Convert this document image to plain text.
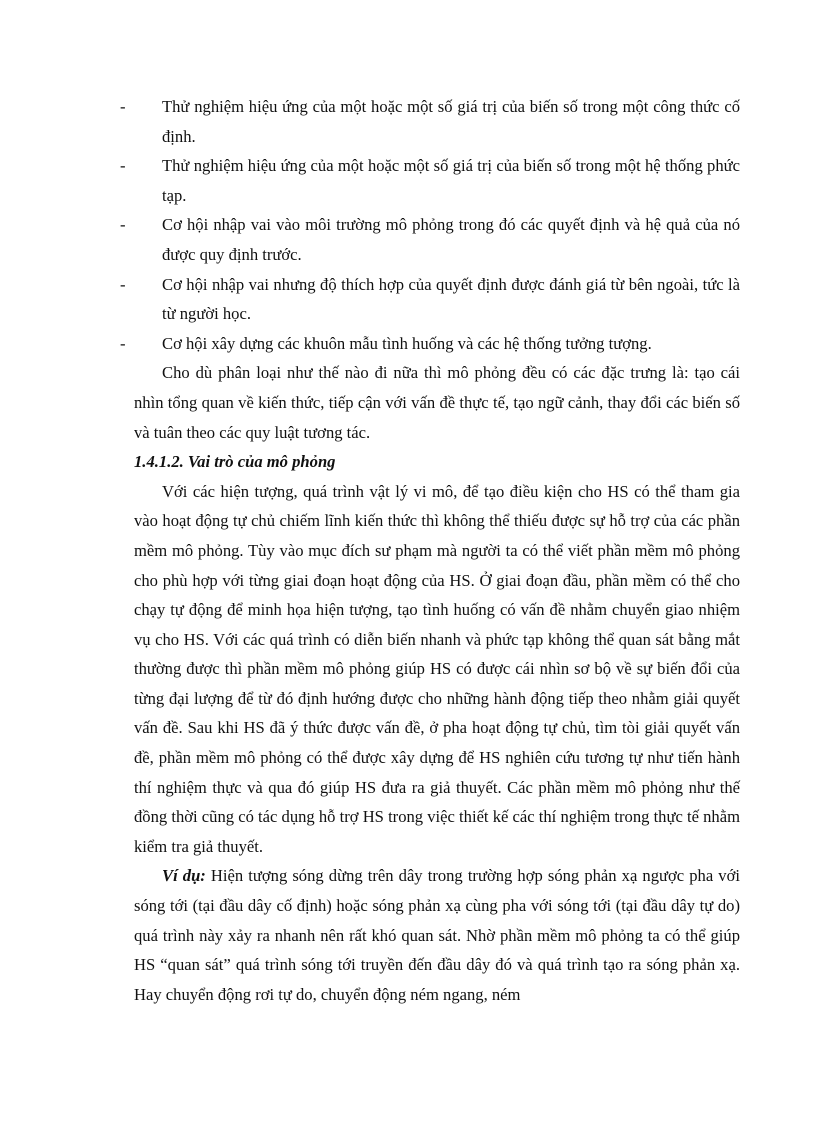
- Thử nghiệm hiệu ứng của một hoặc một số giá trị của biến số trong một công thức cố định.

- Thử nghiệm hiệu ứng của một hoặc một số giá trị của biến số trong một hệ thống phức tạp.

- Cơ hội nhập vai vào môi trường mô phỏng trong đó các quyết định và hệ quả của nó được quy định trước.

- Cơ hội nhập vai nhưng độ thích hợp của quyết định được đánh giá từ bên ngoài, tức là từ người học.

- Cơ hội xây dựng các khuôn mẫu tình huống và các hệ thống tưởng tượng.

Cho dù phân loại như thế nào đi nữa thì mô phỏng đều có các đặc trưng là: tạo cái nhìn tổng quan về kiến thức, tiếp cận với vấn đề thực tế, tạo ngữ cảnh, thay đổi các biến số và tuân theo các quy luật tương tác.

1.4.1.2. Vai trò của mô phỏng

Với các hiện tượng, quá trình vật lý vi mô, để tạo điều kiện cho HS có thể tham gia vào hoạt động tự chủ chiếm lĩnh kiến thức thì không thể thiếu được sự hỗ trợ của các phần mềm mô phỏng. Tùy vào mục đích sư phạm mà người ta có thể viết phần mềm mô phỏng cho phù hợp với từng giai đoạn hoạt động của HS. Ở giai đoạn đầu, phần mềm có thể cho chạy tự động để minh họa hiện tượng, tạo tình huống có vấn đề nhằm chuyển giao nhiệm vụ cho HS. Với các quá trình có diễn biến nhanh và phức tạp không thể quan sát bằng mắt thường được thì phần mềm mô phỏng giúp HS có được cái nhìn sơ bộ về sự biến đổi của từng đại lượng để từ đó định hướng được cho những hành động tiếp theo nhằm giải quyết vấn đề. Sau khi HS đã ý thức được vấn đề, ở pha hoạt động tự chủ, tìm tòi giải quyết vấn đề, phần mềm mô phỏng có thể được xây dựng để HS nghiên cứu tương tự như tiến hành thí nghiệm thực và qua đó giúp HS đưa ra giả thuyết. Các phần mềm mô phỏng như thế đồng thời cũng có tác dụng hỗ trợ HS trong việc thiết kế các thí nghiệm trong thực tế nhằm kiểm tra giả thuyết.

Ví dụ: Hiện tượng sóng dừng trên dây trong trường hợp sóng phản xạ ngược pha với sóng tới (tại đầu dây cố định) hoặc sóng phản xạ cùng pha với sóng tới (tại đầu dây tự do) quá trình này xảy ra nhanh nên rất khó quan sát. Nhờ phần mềm mô phỏng ta có thể giúp HS “quan sát” quá trình sóng tới truyền đến đầu dây đó và quá trình tạo ra sóng phản xạ. Hay chuyển động rơi tự do, chuyển động ném ngang, ném
